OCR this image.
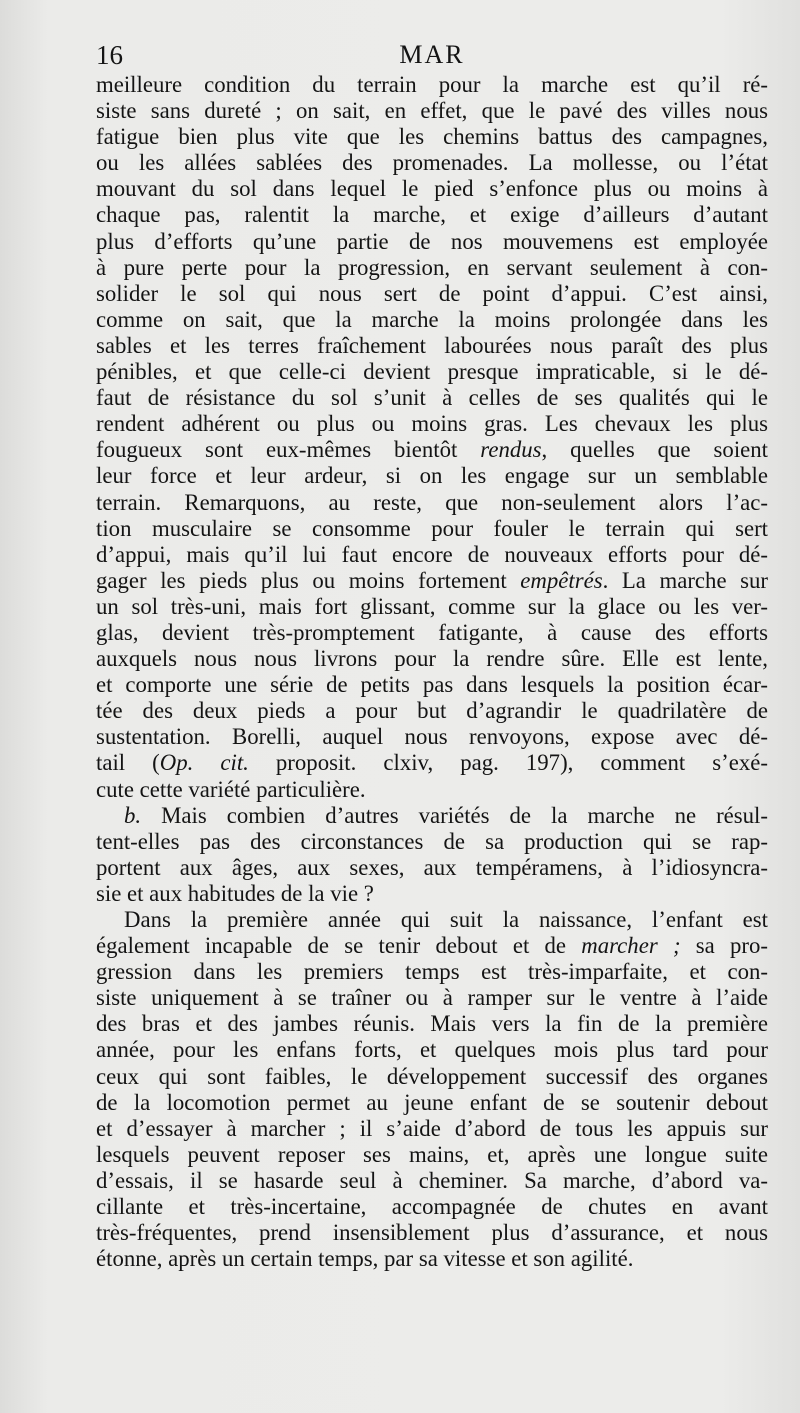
16	MAR
meilleure condition du terrain pour la marche est qu’il ré-
siste sans dureté ; on sait, en effet, que le pavé des villes nous
fatigue bien plus vite que les chemins battus des campagnes,
ou les allées sablées des promenades. La mollesse, ou l’état
mouvant du sol dans lequel le pied s’enfonce plus ou moins à
chaque pas, ralentit la marche, et exige d’ailleurs d’autant
plus d’efforts qu’une partie de nos mouvemens est employée
à pure perte pour la progression, en servant seulement à con-
solider le sol qui nous sert de point d’appui. C’est ainsi,
comme on sait, que la marche la moins prolongée dans les
sables et les terres fraîchement labourées nous paraît des plus
pénibles, et que celle-ci devient presque impraticable, si le dé-
faut de résistance du sol s’unit à celles de ses qualités qui le
rendent adhérent ou plus ou moins gras. Les chevaux les plus
fougueux sont eux-mêmes bientôt rendus, quelles que soient
leur force et leur ardeur, si on les engage sur un semblable
terrain. Remarquons, au reste, que non-seulement alors l’ac-
tion musculaire se consomme pour fouler le terrain qui sert
d’appui, mais qu’il lui faut encore de nouveaux efforts pour dé-
gager les pieds plus ou moins fortement empêtrés. La marche sur
un sol très-uni, mais fort glissant, comme sur la glace ou les ver-
glas, devient très-promptement fatigante, à cause des efforts
auxquels nous nous livrons pour la rendre sûre. Elle est lente,
et comporte une série de petits pas dans lesquels la position écar-
tée des deux pieds a pour but d’agrandir le quadrilatère de
sustentation. Borelli, auquel nous renvoyons, expose avec dé-
tail (Op. cit. proposit. clxiv, pag. 197), comment s’exé-
cute cette variété particulière.
b. Mais combien d’autres variétés de la marche ne résul-
tent-elles pas des circonstances de sa production qui se rap-
portent aux âges, aux sexes, aux tempéramens, à l’idiosyncra-
sie et aux habitudes de la vie ?
Dans la première année qui suit la naissance, l’enfant est
également incapable de se tenir debout et de marcher ; sa pro-
gression dans les premiers temps est très-imparfaite, et con-
siste uniquement à se traîner ou à ramper sur le ventre à l’aide
des bras et des jambes réunis. Mais vers la fin de la première
année, pour les enfans forts, et quelques mois plus tard pour
ceux qui sont faibles, le développement successif des organes
de la locomotion permet au jeune enfant de se soutenir debout
et d’essayer à marcher ; il s’aide d’abord de tous les appuis sur
lesquels peuvent reposer ses mains, et, après une longue suite
d’essais, il se hasarde seul à cheminer. Sa marche, d’abord va-
cillante et très-incertaine, accompagnée de chutes en avant
très-fréquentes, prend insensiblement plus d’assurance, et nous
étonne, après un certain temps, par sa vitesse et son agilité.
